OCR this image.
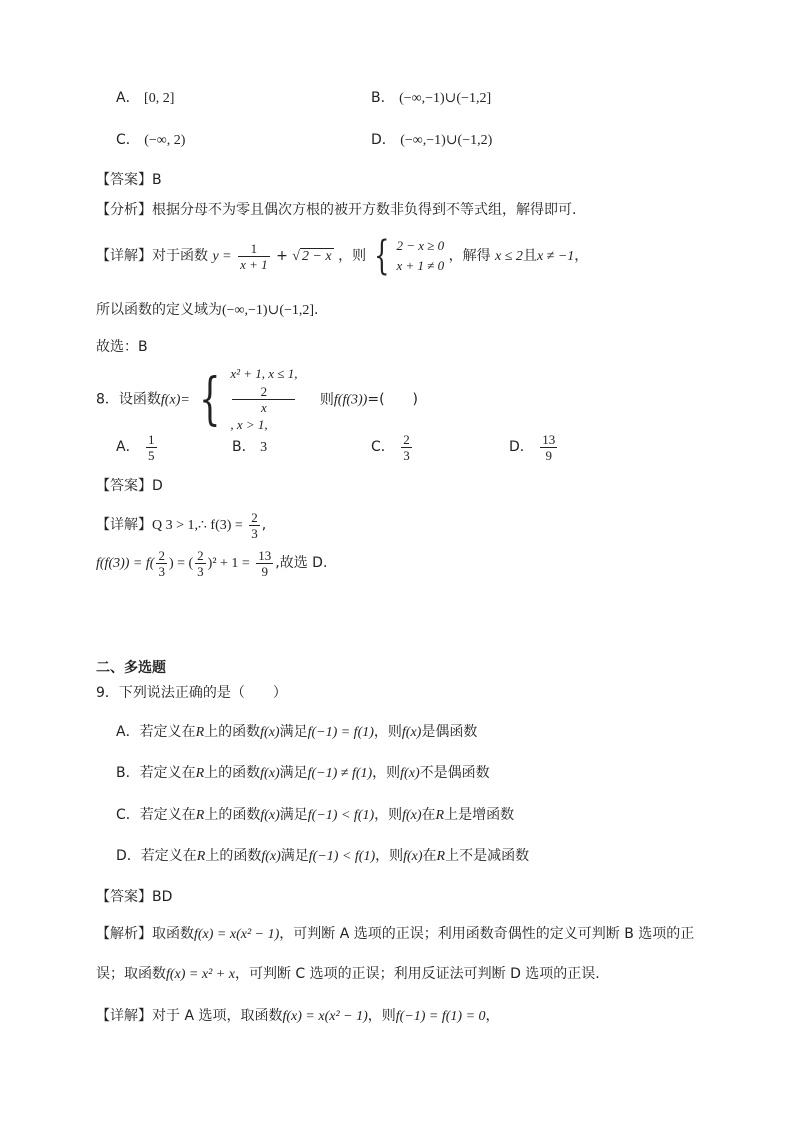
A． [0, 2]	B． (−∞,−1)∪(−1,2]
C． (−∞, 2)	D． (−∞,−1)∪(−1,2)
【答案】B
【分析】根据分母不为零且偶次方根的被开方数非负得到不等式组，解得即可.
【详解】对于函数 $y = \frac{1}{x + 1}$ + √ 2 − x ，则 { 2 − x ≥ 0
x + 1 ≠ 0
，解得 x ≤ 2且x ≠ −1，
所以函数的定义域为(−∞,−1)∪(−1,2].
故选：B
8．设函数f(x)= { x² + 1, x ≤ 1,
2
x
, x > 1,
则f(f(3))=(　　)
A． $\frac{1}{5}$	B． 3	C． $\frac{2}{3}$	D． $\frac{13}{9}$
【答案】D
【详解】Q 3 > 1,∴ $f(3) = \frac{2}{3}$ ,
$f(f(3)) = f( \frac{2}{3}$ ) = ( $\frac{2}{3} )^2 + 1 = \frac{13}{9}$ ,故选 D.
二、多选题
9．下列说法正确的是（　　）
A．若定义在R上的函数f(x)满足f(−1) = f(1)，则f(x)是偶函数
B．若定义在R上的函数f(x)满足f(−1) ≠ f(1)，则f(x)不是偶函数
C．若定义在R上的函数f(x)满足f(−1) < f(1)，则f(x)在R上是增函数
D．若定义在R上的函数f(x)满足f(−1) < f(1)，则f(x)在R上不是减函数
【答案】BD
【解析】取函数f(x) = x(x² − 1)，可判断 A 选项的正误；利用函数奇偶性的定义可判断 B 选项的正
误；取函数f(x) = x² + x，可判断 C 选项的正误；利用反证法可判断 D 选项的正误.
【详解】对于 A 选项，取函数f(x) = x(x² − 1)，则f(−1) = f(1) = 0，
